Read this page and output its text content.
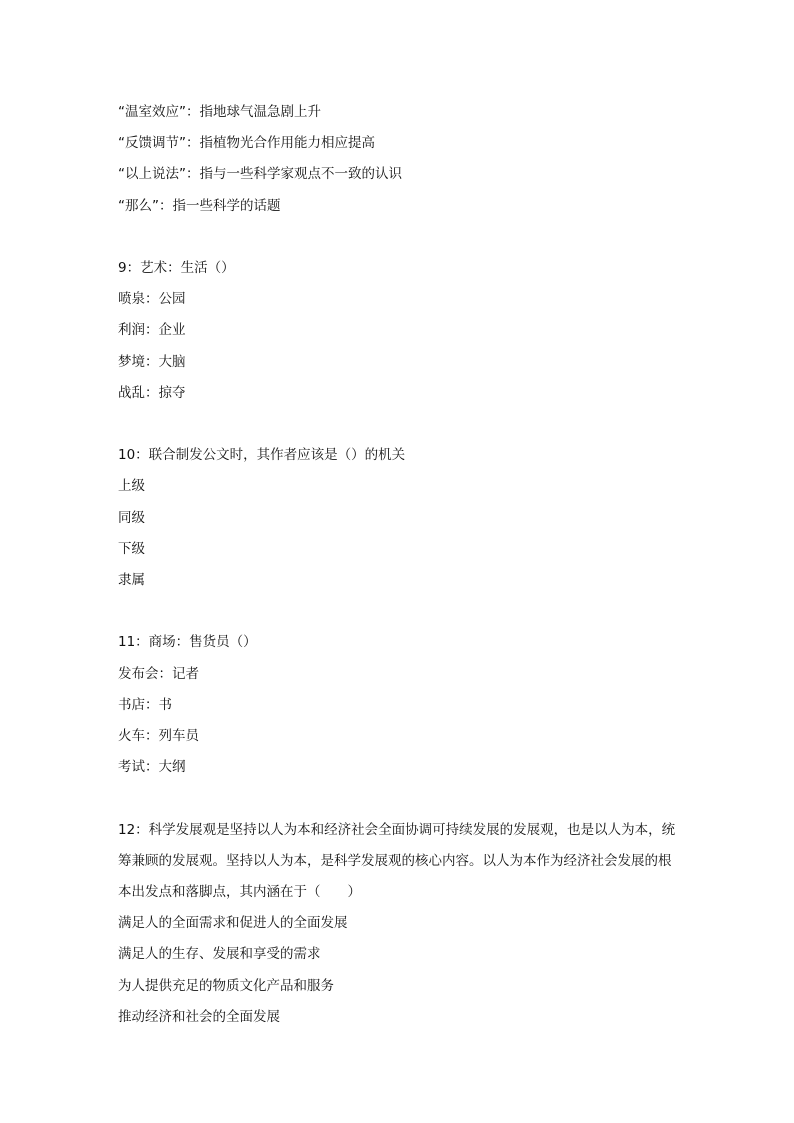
“温室效应”：指地球气温急剧上升
“反馈调节”：指植物光合作用能力相应提高
“以上说法”：指与一些科学家观点不一致的认识
“那么”：指一些科学的话题
9：艺术：生活（）
喷泉：公园
利润：企业
梦境：大脑
战乱：掠夺
10：联合制发公文时，其作者应该是（）的机关
上级
同级
下级
隶属
11：商场：售货员（）
发布会：记者
书店：书
火车：列车员
考试：大纲
12：科学发展观是坚持以人为本和经济社会全面协调可持续发展的发展观，也是以人为本，统筹兼顾的发展观。坚持以人为本，是科学发展观的核心内容。以人为本作为经济社会发展的根本出发点和落脚点，其内涵在于（　　）
满足人的全面需求和促进人的全面发展
满足人的生存、发展和享受的需求
为人提供充足的物质文化产品和服务
推动经济和社会的全面发展
